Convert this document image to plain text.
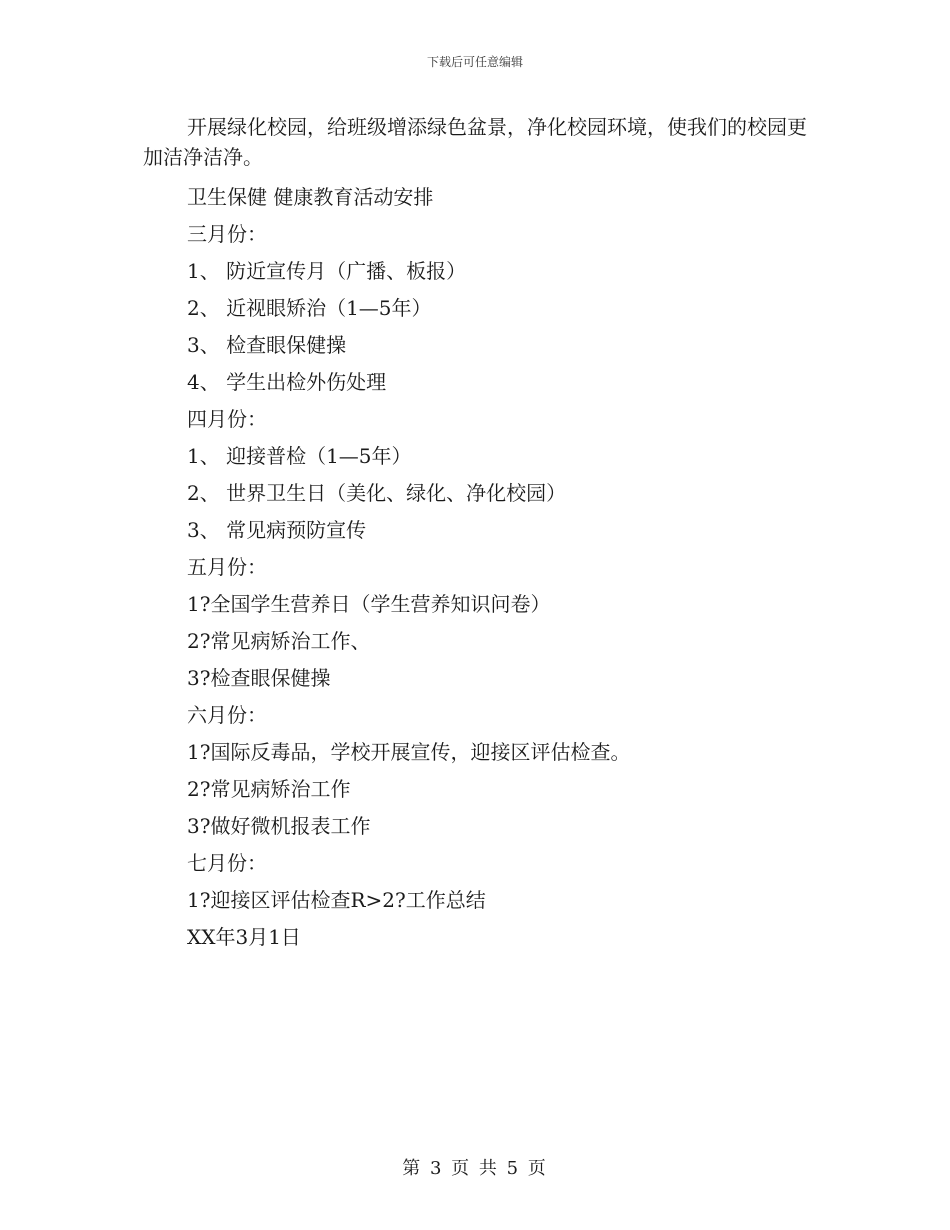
下载后可任意编辑
开展绿化校园，给班级增添绿色盆景，净化校园环境，使我们的校园更加洁净洁净。
卫生保健 健康教育活动安排
三月份：
1、 防近宣传月（广播、板报）
2、 近视眼矫治（1—5年）
3、 检查眼保健操
4、 学生出检外伤处理
四月份：
1、 迎接普检（1—5年）
2、 世界卫生日（美化、绿化、净化校园）
3、 常见病预防宣传
五月份：
1?全国学生营养日（学生营养知识问卷）
2?常见病矫治工作、
3?检查眼保健操
六月份：
1?国际反毒品，学校开展宣传，迎接区评估检查。
2?常见病矫治工作
3?做好微机报表工作
七月份：
1?迎接区评估检查R>2?工作总结
XX年3月1日
第 3 页 共 5 页
